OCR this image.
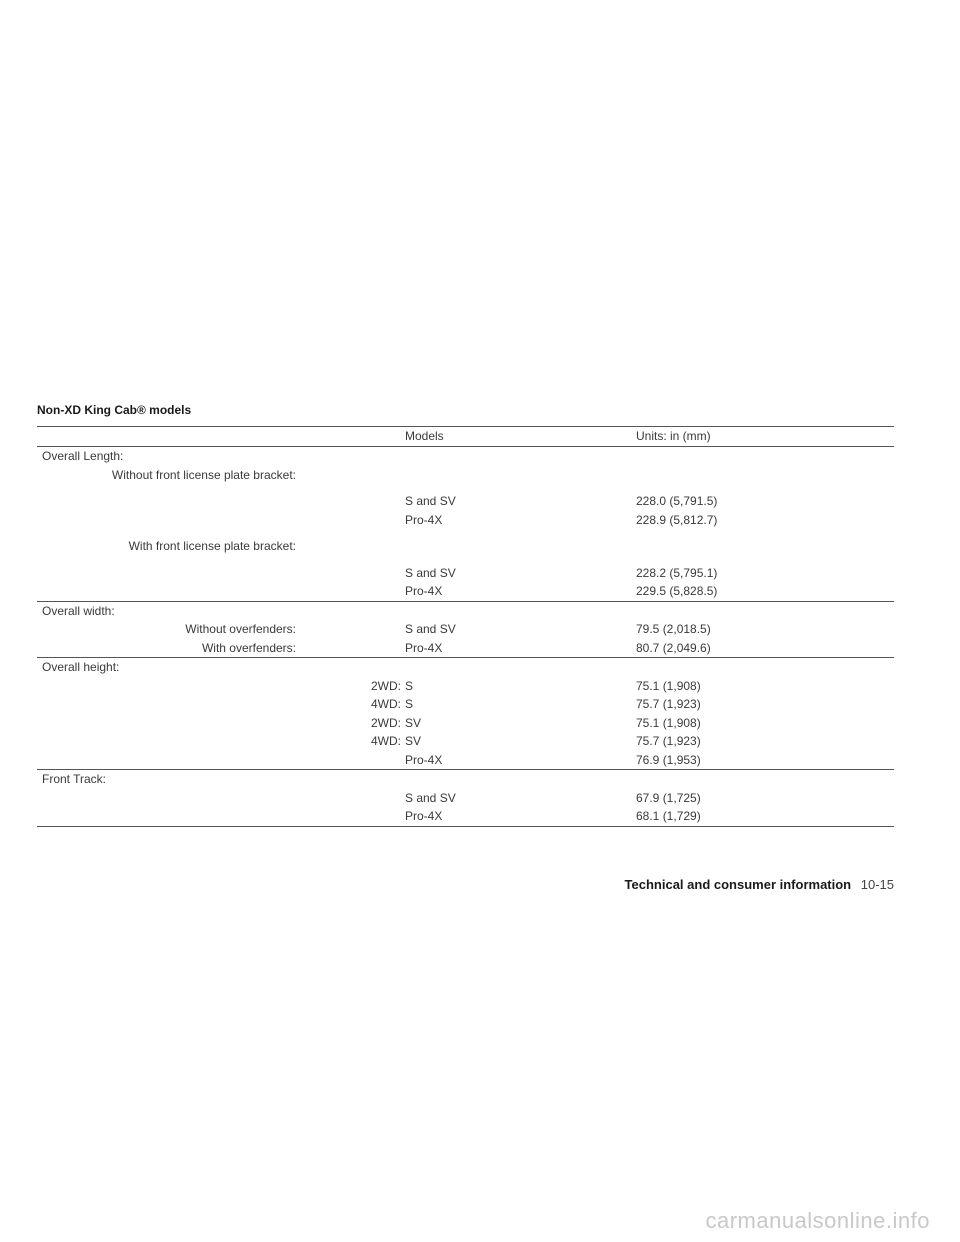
Non-XD King Cab® models
Models	Units: in (mm)
Overall Length:
Without front license plate bracket:
S and SV	228.0 (5,791.5)
Pro-4X	228.9 (5,812.7)
With front license plate bracket:
S and SV	228.2 (5,795.1)
Pro-4X	229.5 (5,828.5)
Overall width:
Without overfenders:	S and SV	79.5 (2,018.5)
With overfenders:	Pro-4X	80.7 (2,049.6)
Overall height:
2WD: S	75.1 (1,908)
4WD: S	75.7 (1,923)
2WD: SV	75.1 (1,908)
4WD: SV	75.7 (1,923)
Pro-4X	76.9 (1,953)
Front Track:
S and SV	67.9 (1,725)
Pro-4X	68.1 (1,729)
Technical and consumer information 10-15
carmanualsonline.info
